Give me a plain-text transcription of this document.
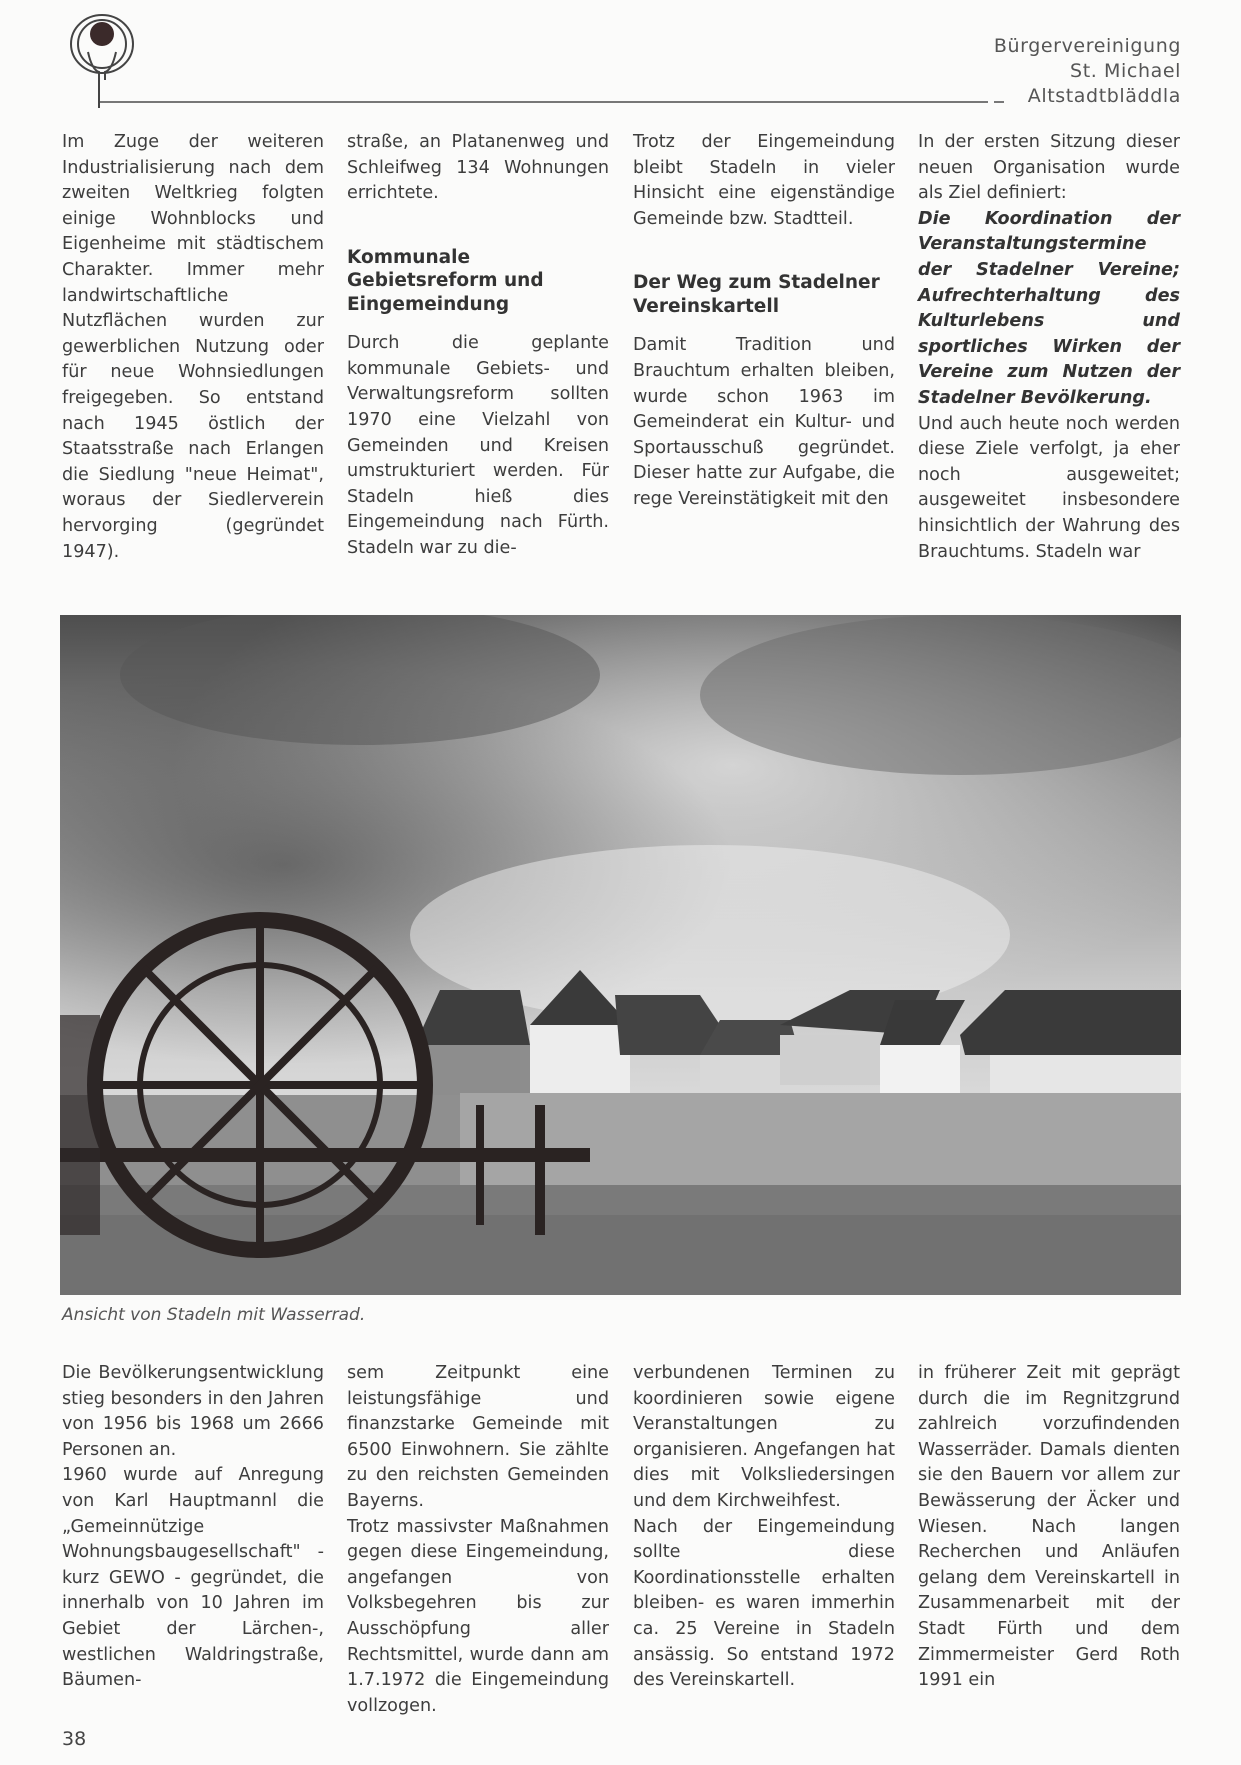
Bürgervereinigung
St. Michael
Altstadtbläddla

Im Zuge der weiteren Industrialisierung nach dem zweiten Weltkrieg folgten einige Wohnblocks und Eigenheime mit städtischem Charakter. Immer mehr landwirtschaftliche Nutzflächen wurden zur gewerblichen Nutzung oder für neue Wohnsiedlungen freigegeben. So entstand nach 1945 östlich der Staatsstraße nach Erlangen die Siedlung "neue Heimat", woraus der Siedlerverein hervorging (gegründet 1947).

straße, an Platanenweg und Schleifweg 134 Wohnungen errichtete.

Kommunale Gebietsreform und Eingemeindung

Durch die geplante kommunale Gebiets- und Verwaltungsreform sollten 1970 eine Vielzahl von Gemeinden und Kreisen umstrukturiert werden. Für Stadeln hieß dies Eingemeindung nach Fürth. Stadeln war zu die-

Trotz der Eingemeindung bleibt Stadeln in vieler Hinsicht eine eigenständige Gemeinde bzw. Stadtteil.

Der Weg zum Stadelner Vereinskartell

Damit Tradition und Brauchtum erhalten bleiben, wurde schon 1963 im Gemeinderat ein Kultur- und Sportausschuß gegründet. Dieser hatte zur Aufgabe, die rege Vereinstätigkeit mit den

In der ersten Sitzung dieser neuen Organisation wurde als Ziel definiert:

Die Koordination der Veranstaltungstermine der Stadelner Vereine; Aufrechterhaltung des Kulturlebens und sportliches Wirken der Vereine zum Nutzen der Stadelner Bevölkerung.

Und auch heute noch werden diese Ziele verfolgt, ja eher noch ausgeweitet; ausgeweitet insbesondere hinsichtlich der Wahrung des Brauchtums. Stadeln war

Ansicht von Stadeln mit Wasserrad.

Die Bevölkerungsentwicklung stieg besonders in den Jahren von 1956 bis 1968 um 2666 Personen an.

1960 wurde auf Anregung von Karl Hauptmannl die „Gemeinnützige Wohnungsbaugesellschaft" - kurz GEWO - gegründet, die innerhalb von 10 Jahren im Gebiet der Lärchen-, westlichen Waldringstraße, Bäumen-

sem Zeitpunkt eine leistungsfähige und finanzstarke Gemeinde mit 6500 Einwohnern. Sie zählte zu den reichsten Gemeinden Bayerns.

Trotz massivster Maßnahmen gegen diese Eingemeindung, angefangen von Volksbegehren bis zur Ausschöpfung aller Rechtsmittel, wurde dann am 1.7.1972 die Eingemeindung vollzogen.

verbundenen Terminen zu koordinieren sowie eigene Veranstaltungen zu organisieren. Angefangen hat dies mit Volksliedersingen und dem Kirchweihfest.

Nach der Eingemeindung sollte diese Koordinationsstelle erhalten bleiben- es waren immerhin ca. 25 Vereine in Stadeln ansässig. So entstand 1972 des Vereinskartell.

in früherer Zeit mit geprägt durch die im Regnitzgrund zahlreich vorzufindenden Wasserräder. Damals dienten sie den Bauern vor allem zur Bewässerung der Äcker und Wiesen. Nach langen Recherchen und Anläufen gelang dem Vereinskartell in Zusammenarbeit mit der Stadt Fürth und dem Zimmermeister Gerd Roth 1991 ein

38
